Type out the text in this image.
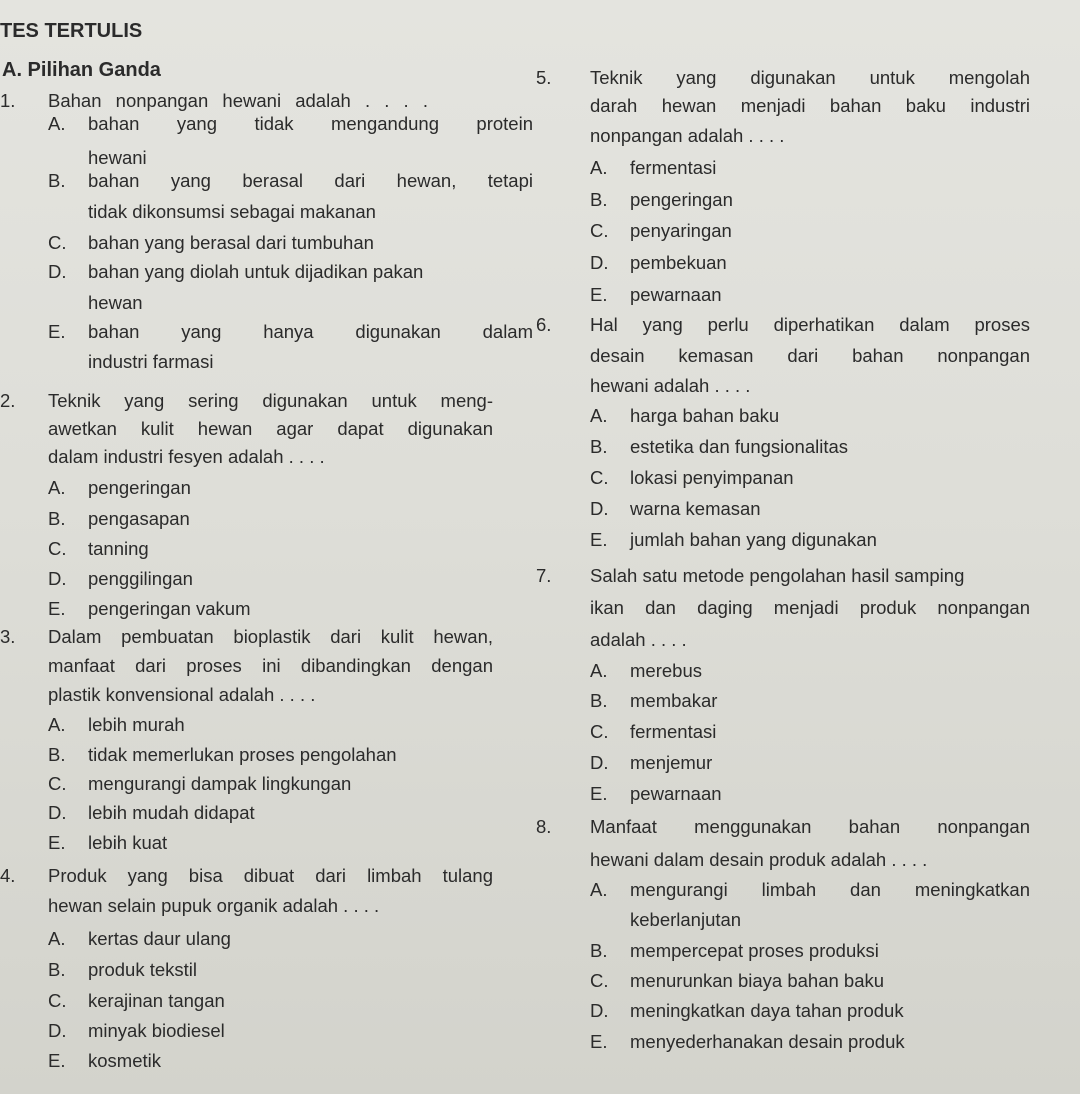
TES TERTULIS
A. Pilihan Ganda
1. Bahan nonpangan hewani adalah . . . .
A. bahan yang tidak mengandung protein
hewani
B. bahan yang berasal dari hewan, tetapi
tidak dikonsumsi sebagai makanan
C. bahan yang berasal dari tumbuhan
D. bahan yang diolah untuk dijadikan pakan
hewan
E. bahan yang hanya digunakan dalam
industri farmasi
2. Teknik yang sering digunakan untuk meng-
awetkan kulit hewan agar dapat digunakan
dalam industri fesyen adalah . . . .
A. pengeringan
B. pengasapan
C. tanning
D. penggilingan
E. pengeringan vakum
3. Dalam pembuatan bioplastik dari kulit hewan,
manfaat dari proses ini dibandingkan dengan
plastik konvensional adalah . . . .
A. lebih murah
B. tidak memerlukan proses pengolahan
C. mengurangi dampak lingkungan
D. lebih mudah didapat
E. lebih kuat
4. Produk yang bisa dibuat dari limbah tulang
hewan selain pupuk organik adalah . . . .
A. kertas daur ulang
B. produk tekstil
C. kerajinan tangan
D. minyak biodiesel
E. kosmetik
5. Teknik yang digunakan untuk mengolah
darah hewan menjadi bahan baku industri
nonpangan adalah . . . .
A. fermentasi
B. pengeringan
C. penyaringan
D. pembekuan
E. pewarnaan
6. Hal yang perlu diperhatikan dalam proses
desain kemasan dari bahan nonpangan
hewani adalah . . . .
A. harga bahan baku
B. estetika dan fungsionalitas
C. lokasi penyimpanan
D. warna kemasan
E. jumlah bahan yang digunakan
7. Salah satu metode pengolahan hasil samping
ikan dan daging menjadi produk nonpangan
adalah . . . .
A. merebus
B. membakar
C. fermentasi
D. menjemur
E. pewarnaan
8. Manfaat menggunakan bahan nonpangan
hewani dalam desain produk adalah . . . .
A. mengurangi limbah dan meningkatkan
keberlanjutan
B. mempercepat proses produksi
C. menurunkan biaya bahan baku
D. meningkatkan daya tahan produk
E. menyederhanakan desain produk
